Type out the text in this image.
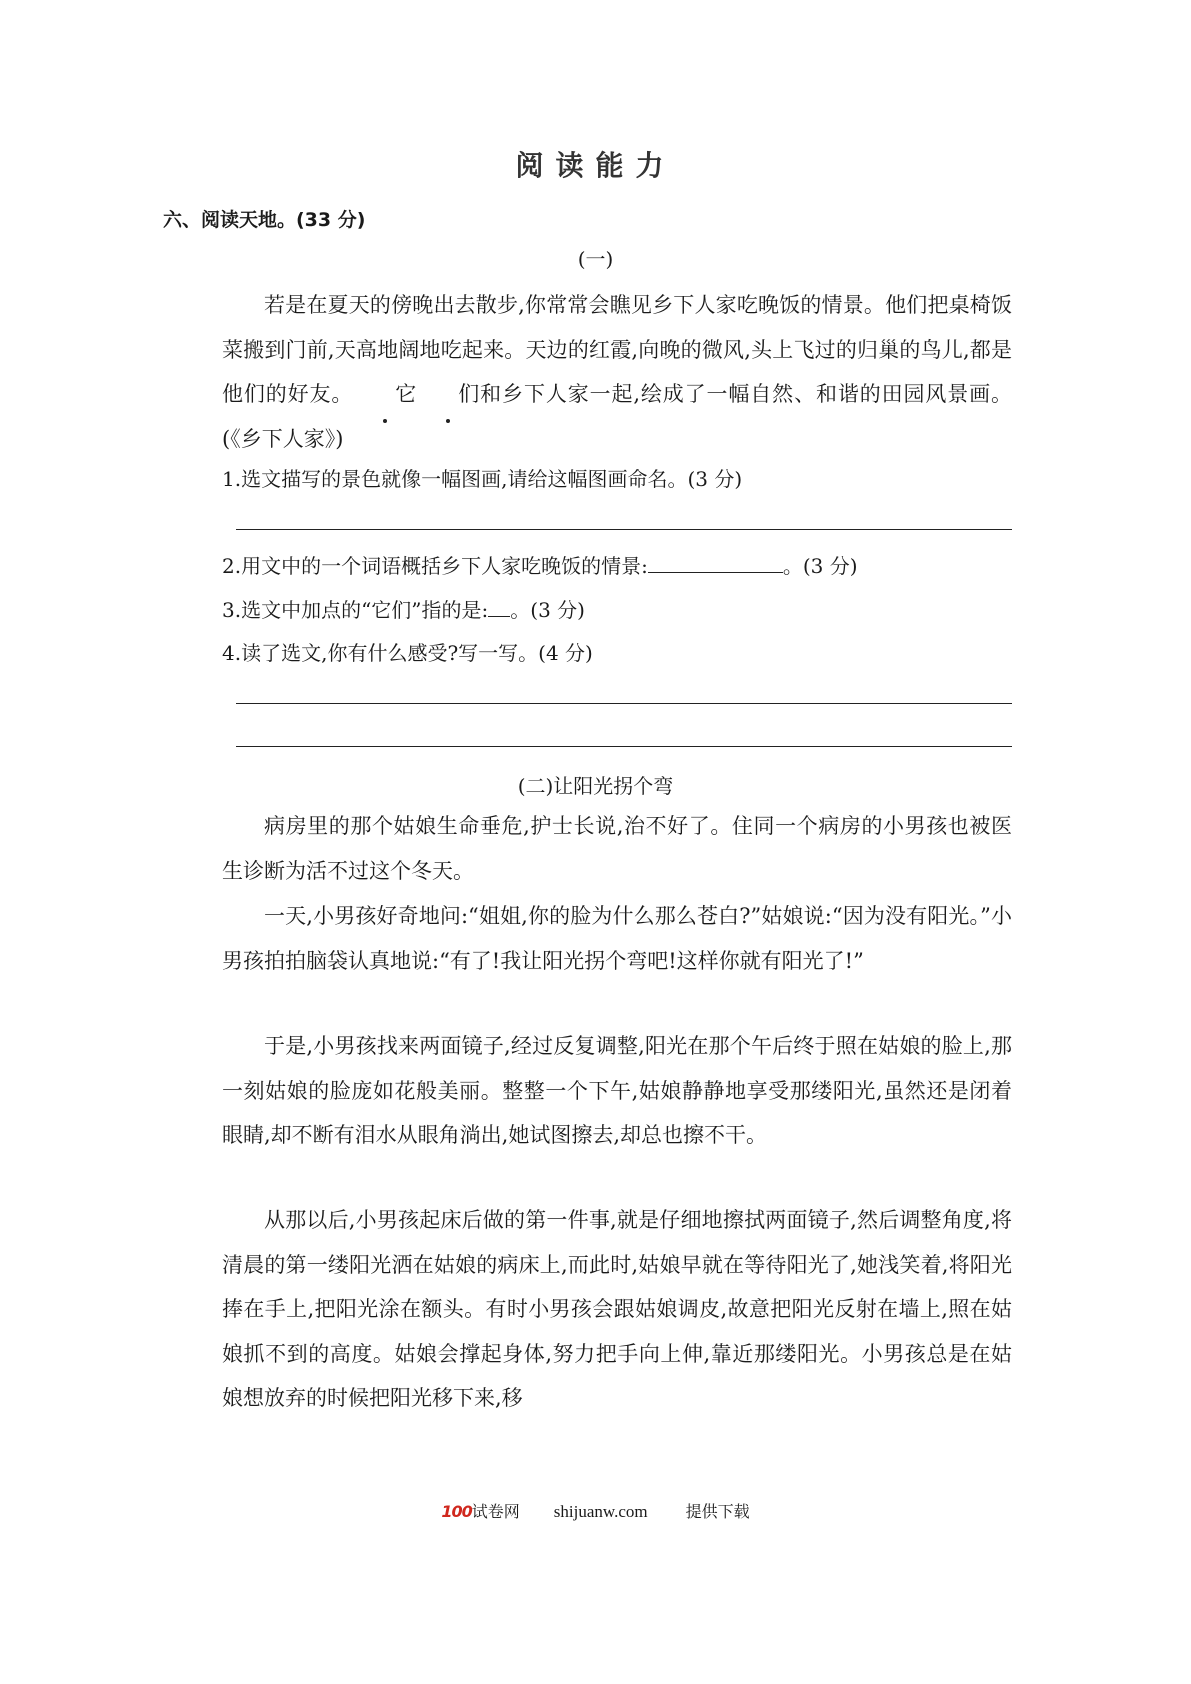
阅读能力
六、阅读天地。(33 分)
(一)

若是在夏天的傍晚出去散步,你常常会瞧见乡下人家吃晚饭的情景。他们把桌椅饭菜搬到门前,天高地阔地吃起来。天边的红霞,向晚的微风,头上飞过的归巢的鸟儿,都是他们的好友。 它 们和乡下人家一起,绘成了一幅自然、和谐的田园风景画。(《乡下人家》)

1.选文描写的景色就像一幅图画,请给这幅图画命名。(3 分)

2.用文中的一个词语概括乡下人家吃晚饭的情景:	。(3 分)

3.选文中加点的“它们”指的是: 。(3 分)

4.读了选文,你有什么感受?写一写。(4 分)

(二)让阳光拐个弯

病房里的那个姑娘生命垂危,护士长说,治不好了。住同一个病房的小男孩也被医生诊断为活不过这个冬天。

一天,小男孩好奇地问:“姐姐,你的脸为什么那么苍白?”姑娘说:“因为没有阳光。”小男孩拍拍脑袋认真地说:“有了!我让阳光拐个弯吧!这样你就有阳光了!”

于是,小男孩找来两面镜子,经过反复调整,阳光在那个午后终于照在姑娘的脸上,那一刻姑娘的脸庞如花般美丽。整整一个下午,姑娘静静地享受那缕阳光,虽然还是闭着眼睛,却不断有泪水从眼角淌出,她试图擦去,却总也擦不干。

从那以后,小男孩起床后做的第一件事,就是仔细地擦拭两面镜子,然后调整角度,将清晨的第一缕阳光洒在姑娘的病床上,而此时,姑娘早就在等待阳光了,她浅笑着,将阳光捧在手上,把阳光涂在额头。有时小男孩会跟姑娘调皮,故意把阳光反射在墙上,照在姑娘抓不到的高度。姑娘会撑起身体,努力把手向上伸,靠近那缕阳光。小男孩总是在姑娘想放弃的时候把阳光移下来,移

100试卷网 shijuanw.com 提供下载
